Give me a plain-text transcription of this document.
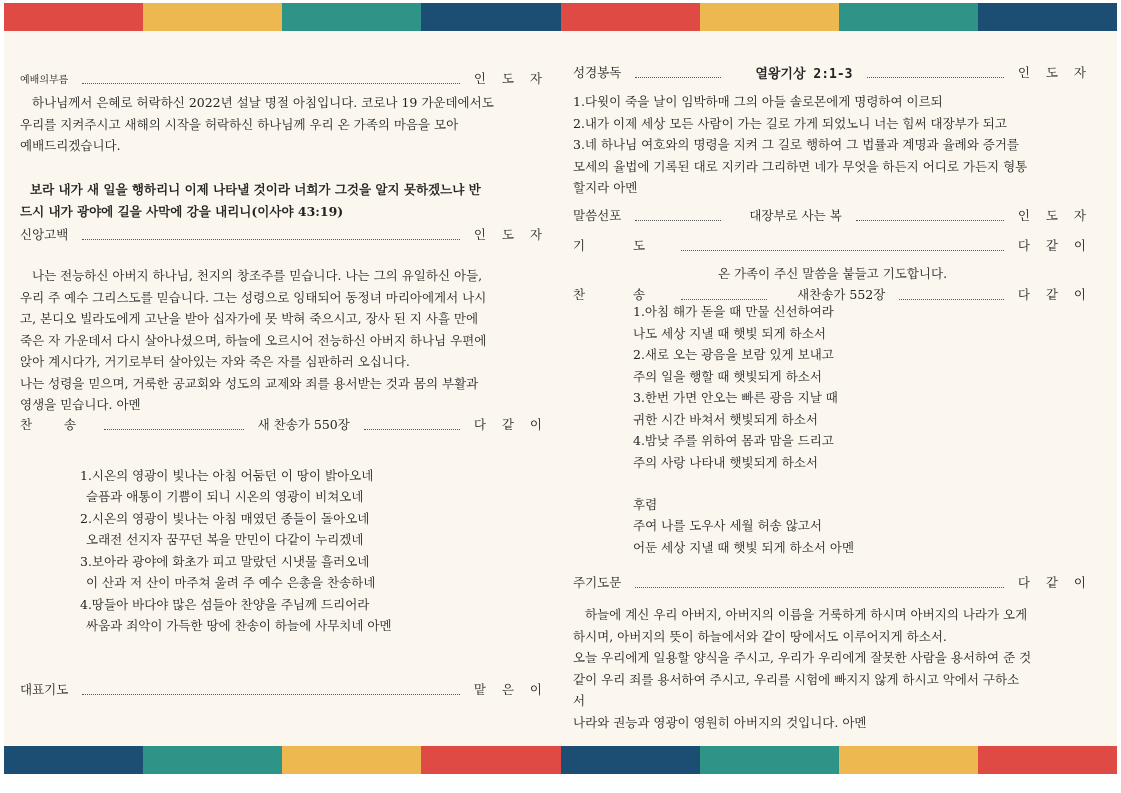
예배의부름	인 도 자
하나님께서 은혜로 허락하신 2022년 설날 명절 아침입니다. 코로나 19 가운데에서도
우리를 지켜주시고 새해의 시작을 허락하신 하나님께 우리 온 가족의 마음을 모아
예배드리겠습니다.
보라 내가 새 일을 행하리니 이제 나타낼 것이라 너희가 그것을 알지 못하겠느냐 반
드시 내가 광야에 길을 사막에 강을 내리니(이사야 43:19)
신앙고백	인 도 자
나는 전능하신 아버지 하나님, 천지의 창조주를 믿습니다. 나는 그의 유일하신 아들,
우리 주 예수 그리스도를 믿습니다. 그는 성령으로 잉태되어 동정녀 마리아에게서 나시
고, 본디오 빌라도에게 고난을 받아 십자가에 못 박혀 죽으시고, 장사 된 지 사흘 만에
죽은 자 가운데서 다시 살아나셨으며, 하늘에 오르시어 전능하신 아버지 하나님 우편에
앉아 계시다가, 거기로부터 살아있는 자와 죽은 자를 심판하러 오십니다.
나는 성령을 믿으며, 거룩한 공교회와 성도의 교제와 죄를 용서받는 것과 몸의 부활과
영생을 믿습니다. 아멘
찬 송	새 찬송가 550장	다 같 이
1.시온의 영광이 빛나는 아침 어둠던 이 땅이 밝아오네
슬픔과 애통이 기쁨이 되니 시온의 영광이 비쳐오네
2.시온의 영광이 빛나는 아침 매였던 종들이 돌아오네
오래전 선지자 꿈꾸던 복을 만민이 다같이 누리겠네
3.보아라 광야에 화초가 피고 말랐던 시냇물 흘러오네
이 산과 저 산이 마주쳐 울려 주 예수 은총을 찬송하네
4.땅들아 바다야 많은 섬들아 찬양을 주님께 드리어라
싸움과 죄악이 가득한 땅에 찬송이 하늘에 사무치네 아멘
대표기도	맡 은 이
성경봉독	열왕기상 2:1-3	인 도 자
1.다윗이 죽을 날이 임박하매 그의 아들 솔로몬에게 명령하여 이르되
2.내가 이제 세상 모든 사람이 가는 길로 가게 되었노니 너는 힘써 대장부가 되고
3.네 하나님 여호와의 명령을 지켜 그 길로 행하여 그 법률과 계명과 율례와 증거를
모세의 율법에 기록된 대로 지키라 그리하면 네가 무엇을 하든지 어디로 가든지 형통
할지라 아멘
말씀선포	대장부로 사는 복	인 도 자
기 도	다 같 이
온 가족이 주신 말씀을 붙들고 기도합니다.
찬 송	새찬송가 552장	다 같 이
1.아침 해가 돋을 때 만물 신선하여라
나도 세상 지낼 때 햇빛 되게 하소서
2.새로 오는 광음을 보람 있게 보내고
주의 일을 행할 때 햇빛되게 하소서
3.한번 가면 안오는 빠른 광음 지날 때
귀한 시간 바쳐서 햇빛되게 하소서
4.밤낮 주를 위하여 몸과 맘을 드리고
주의 사랑 나타내 햇빛되게 하소서
후렴
주여 나를 도우사 세월 허송 않고서
어둔 세상 지낼 때 햇빛 되게 하소서 아멘
주기도문	다 같 이
하늘에 계신 우리 아버지, 아버지의 이름을 거룩하게 하시며 아버지의 나라가 오게
하시며, 아버지의 뜻이 하늘에서와 같이 땅에서도 이루어지게 하소서.
오늘 우리에게 일용할 양식을 주시고, 우리가 우리에게 잘못한 사람을 용서하여 준 것
같이 우리 죄를 용서하여 주시고, 우리를 시험에 빠지지 않게 하시고 악에서 구하소
서
나라와 권능과 영광이 영원히 아버지의 것입니다. 아멘
